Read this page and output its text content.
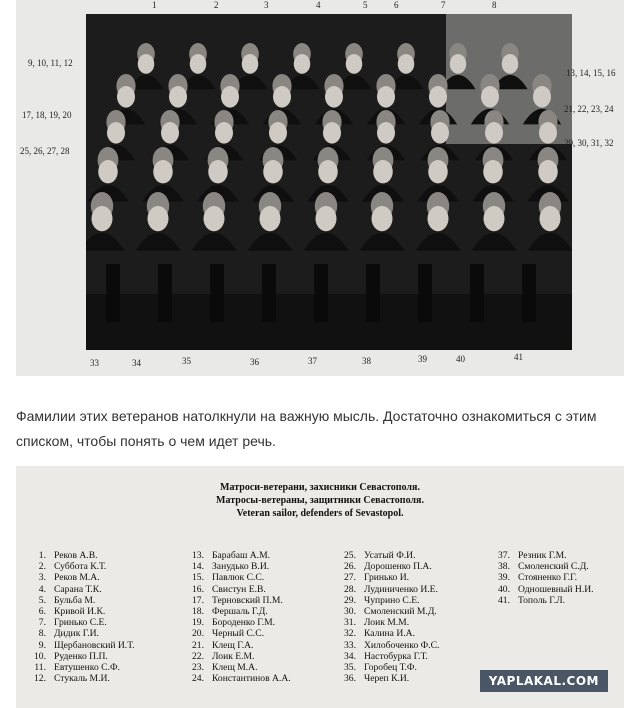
1	2	3	4	5	6	7	8
9, 10, 11, 12
17, 18, 19, 20
25, 26, 27, 28
13, 14, 15, 16
21, 22, 23, 24
29, 30, 31, 32
33	34	35	36	37	38	39	40	41

Фамилии этих ветеранов натолкнули на важную мысль. Достаточно ознакомиться с этим списком, чтобы понять о чем идет речь.

Матроси-ветерани, захисники Севастополя.
Матросы-ветераны, защитники Севастополя.
Veteran sailor, defenders of Sevastopol.
1. Реков А.В.
2. Суббота К.Т.
3. Реков М.А.
4. Сарана Т.К.
5. Бульба М.
6. Кривой И.К.
7. Гринько С.Е.
8. Дидик Г.И.
9. Щербановский И.Т.
10. Руденко П.П.
11. Евтушенко С.Ф.
12. Стукаль М.И.
13. Барабаш А.М.
14. Занудько В.И.
15. Павлюк С.С.
16. Свистун Е.В.
17. Терновский П.М.
18. Фершаль Г.Д.
19. Бороденко Г.М.
20. Черный С.С.
21. Клещ Г.А.
22. Лоик Е.М.
23. Клещ М.А.
24. Константинов А.А.
25. Усатый Ф.И.
26. Дорошенко П.А.
27. Гринько И.
28. Лудиниченко И.Е.
29. Чуприно С.Е.
30. Смоленский М.Д.
31. Лоик М.М.
32. Калина И.А.
33. Хилобоченко Ф.С.
34. Настобурка Г.Т.
35. Горобец Т.Ф.
36. Череп К.И.
37. Резник Г.М.
38. Смоленский С.Д.
39. Стояненко Г.Г.
40. Одношевный Н.И.
41. Тополь Г.Л.
YAPLAKAL.COM
